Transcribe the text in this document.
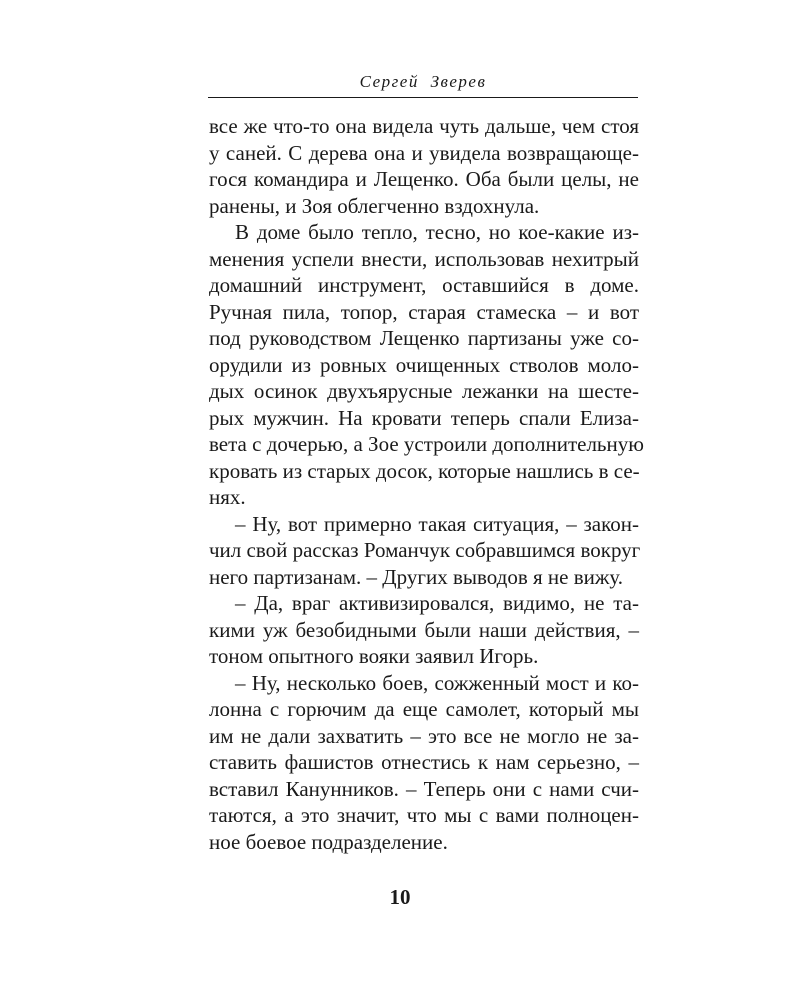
Сергей Зверев
все же что-то она видела чуть дальше, чем стоя
у саней. С дерева она и увидела возвращающе-
гося командира и Лещенко. Оба были целы, не
ранены, и Зоя облегченно вздохнула.
В доме было тепло, тесно, но кое-какие из-
менения успели внести, использовав нехитрый
домашний инструмент, оставшийся в доме.
Ручная пила, топор, старая стамеска – и вот
под руководством Лещенко партизаны уже со-
орудили из ровных очищенных стволов моло-
дых осинок двухъярусные лежанки на шесте-
рых мужчин. На кровати теперь спали Елиза-
вета с дочерью, а Зое устроили дополнительную
кровать из старых досок, которые нашлись в се-
нях.
– Ну, вот примерно такая ситуация, – закон-
чил свой рассказ Романчук собравшимся вокруг
него партизанам. – Других выводов я не вижу.
– Да, враг активизировался, видимо, не та-
кими уж безобидными были наши действия, –
тоном опытного вояки заявил Игорь.
– Ну, несколько боев, сожженный мост и ко-
лонна с горючим да еще самолет, который мы
им не дали захватить – это все не могло не за-
ставить фашистов отнестись к нам серьезно, –
вставил Канунников. – Теперь они с нами счи-
таются, а это значит, что мы с вами полноцен-
ное боевое подразделение.
10
